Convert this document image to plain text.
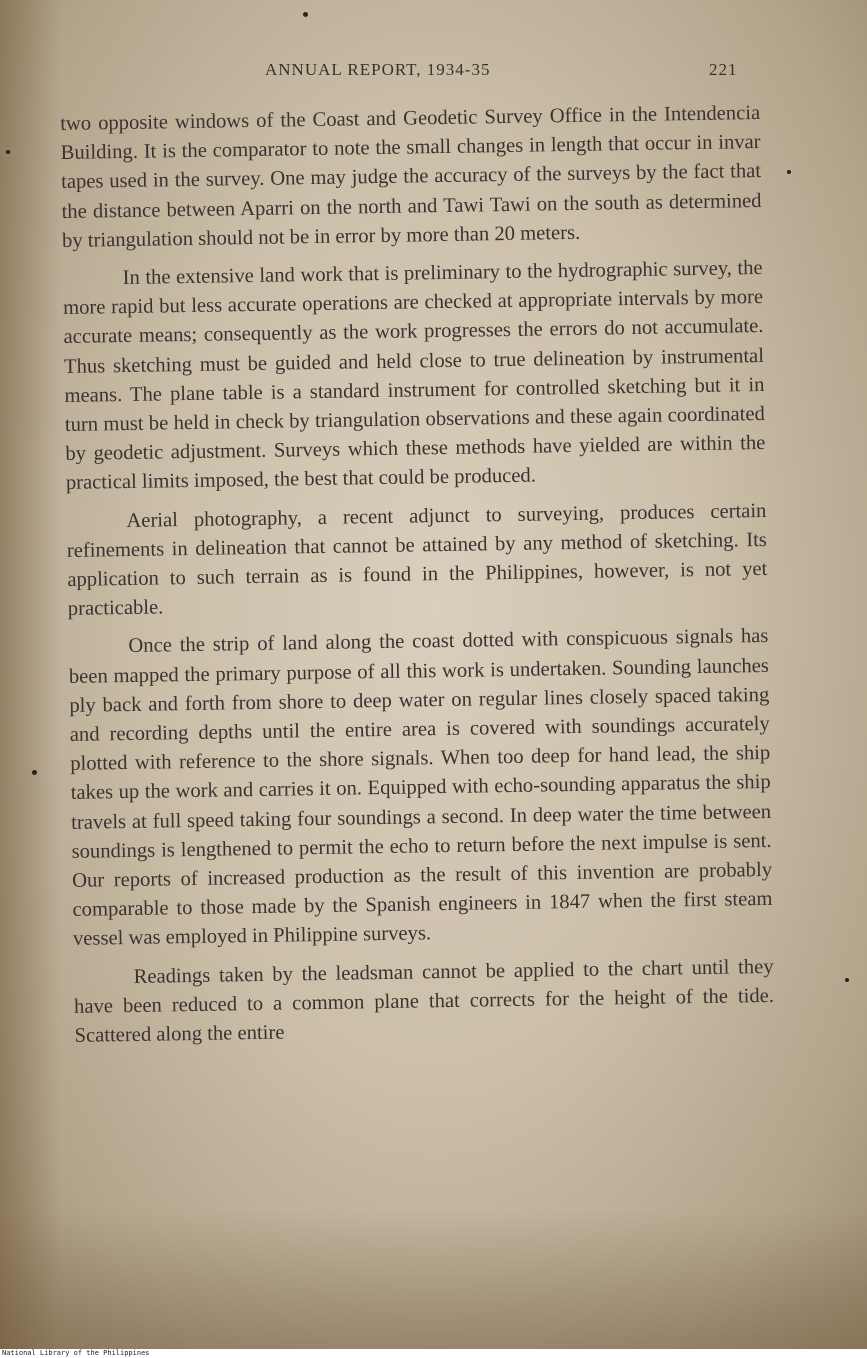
ANNUAL REPORT, 1934-35	221

two opposite windows of the Coast and Geodetic Survey Office in the Intendencia Building. It is the comparator to note the small changes in length that occur in invar tapes used in the survey. One may judge the accuracy of the surveys by the fact that the distance between Aparri on the north and Tawi Tawi on the south as determined by triangulation should not be in error by more than 20 meters.

In the extensive land work that is preliminary to the hydrographic survey, the more rapid but less accurate operations are checked at appropriate intervals by more accurate means; consequently as the work progresses the errors do not accumulate. Thus sketching must be guided and held close to true delineation by instrumental means. The plane table is a standard instrument for controlled sketching but it in turn must be held in check by triangulation observations and these again coordinated by geodetic adjustment. Surveys which these methods have yielded are within the practical limits imposed, the best that could be produced.

Aerial photography, a recent adjunct to surveying, produces certain refinements in delineation that cannot be attained by any method of sketching. Its application to such terrain as is found in the Philippines, however, is not yet practicable.

Once the strip of land along the coast dotted with conspicuous signals has been mapped the primary purpose of all this work is undertaken. Sounding launches ply back and forth from shore to deep water on regular lines closely spaced taking and recording depths until the entire area is covered with soundings accurately plotted with reference to the shore signals. When too deep for hand lead, the ship takes up the work and carries it on. Equipped with echo-sounding apparatus the ship travels at full speed taking four soundings a second. In deep water the time between soundings is lengthened to permit the echo to return before the next impulse is sent. Our reports of increased production as the result of this invention are probably comparable to those made by the Spanish engineers in 1847 when the first steam vessel was employed in Philippine surveys.

Readings taken by the leadsman cannot be applied to the chart until they have been reduced to a common plane that corrects for the height of the tide. Scattered along the entire

National Library of the Philippines
